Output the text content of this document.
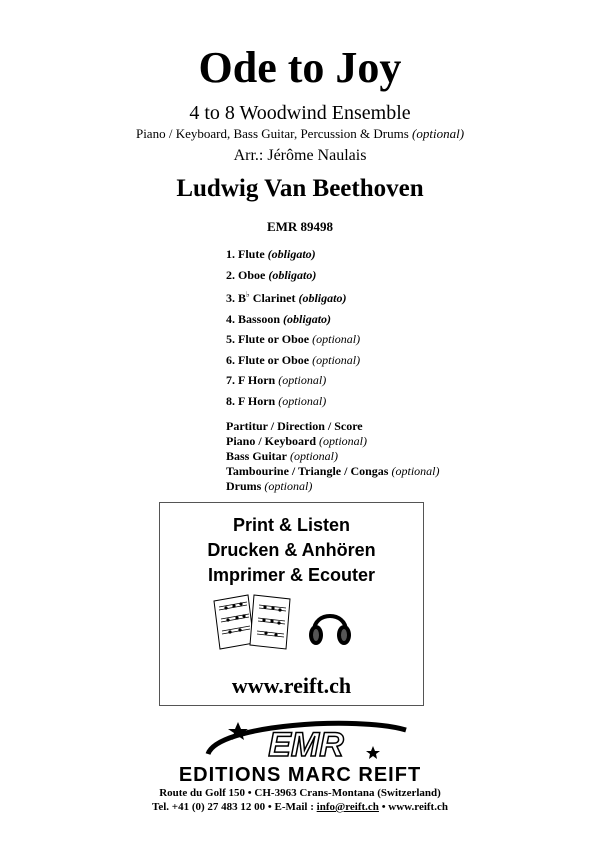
Ode to Joy
4 to 8 Woodwind Ensemble
Piano / Keyboard, Bass Guitar, Percussion & Drums (optional)
Arr.: Jérôme Naulais
Ludwig Van Beethoven
EMR 89498
1. Flute (obligato)
2. Oboe (obligato)
3. B♭ Clarinet (obligato)
4. Bassoon (obligato)
5. Flute or Oboe (optional)
6. Flute or Oboe (optional)
7. F Horn (optional)
8. F Horn (optional)
Partitur / Direction / Score
Piano / Keyboard (optional)
Bass Guitar (optional)
Tambourine / Triangle / Congas (optional)
Drums (optional)
Print & Listen
Drucken & Anhören
Imprimer & Ecouter
www.reift.ch
EMR
EDITIONS MARC REIFT
Route du Golf 150 • CH-3963 Crans-Montana (Switzerland)
Tel. +41 (0) 27 483 12 00 • E-Mail : info@reift.ch • www.reift.ch
